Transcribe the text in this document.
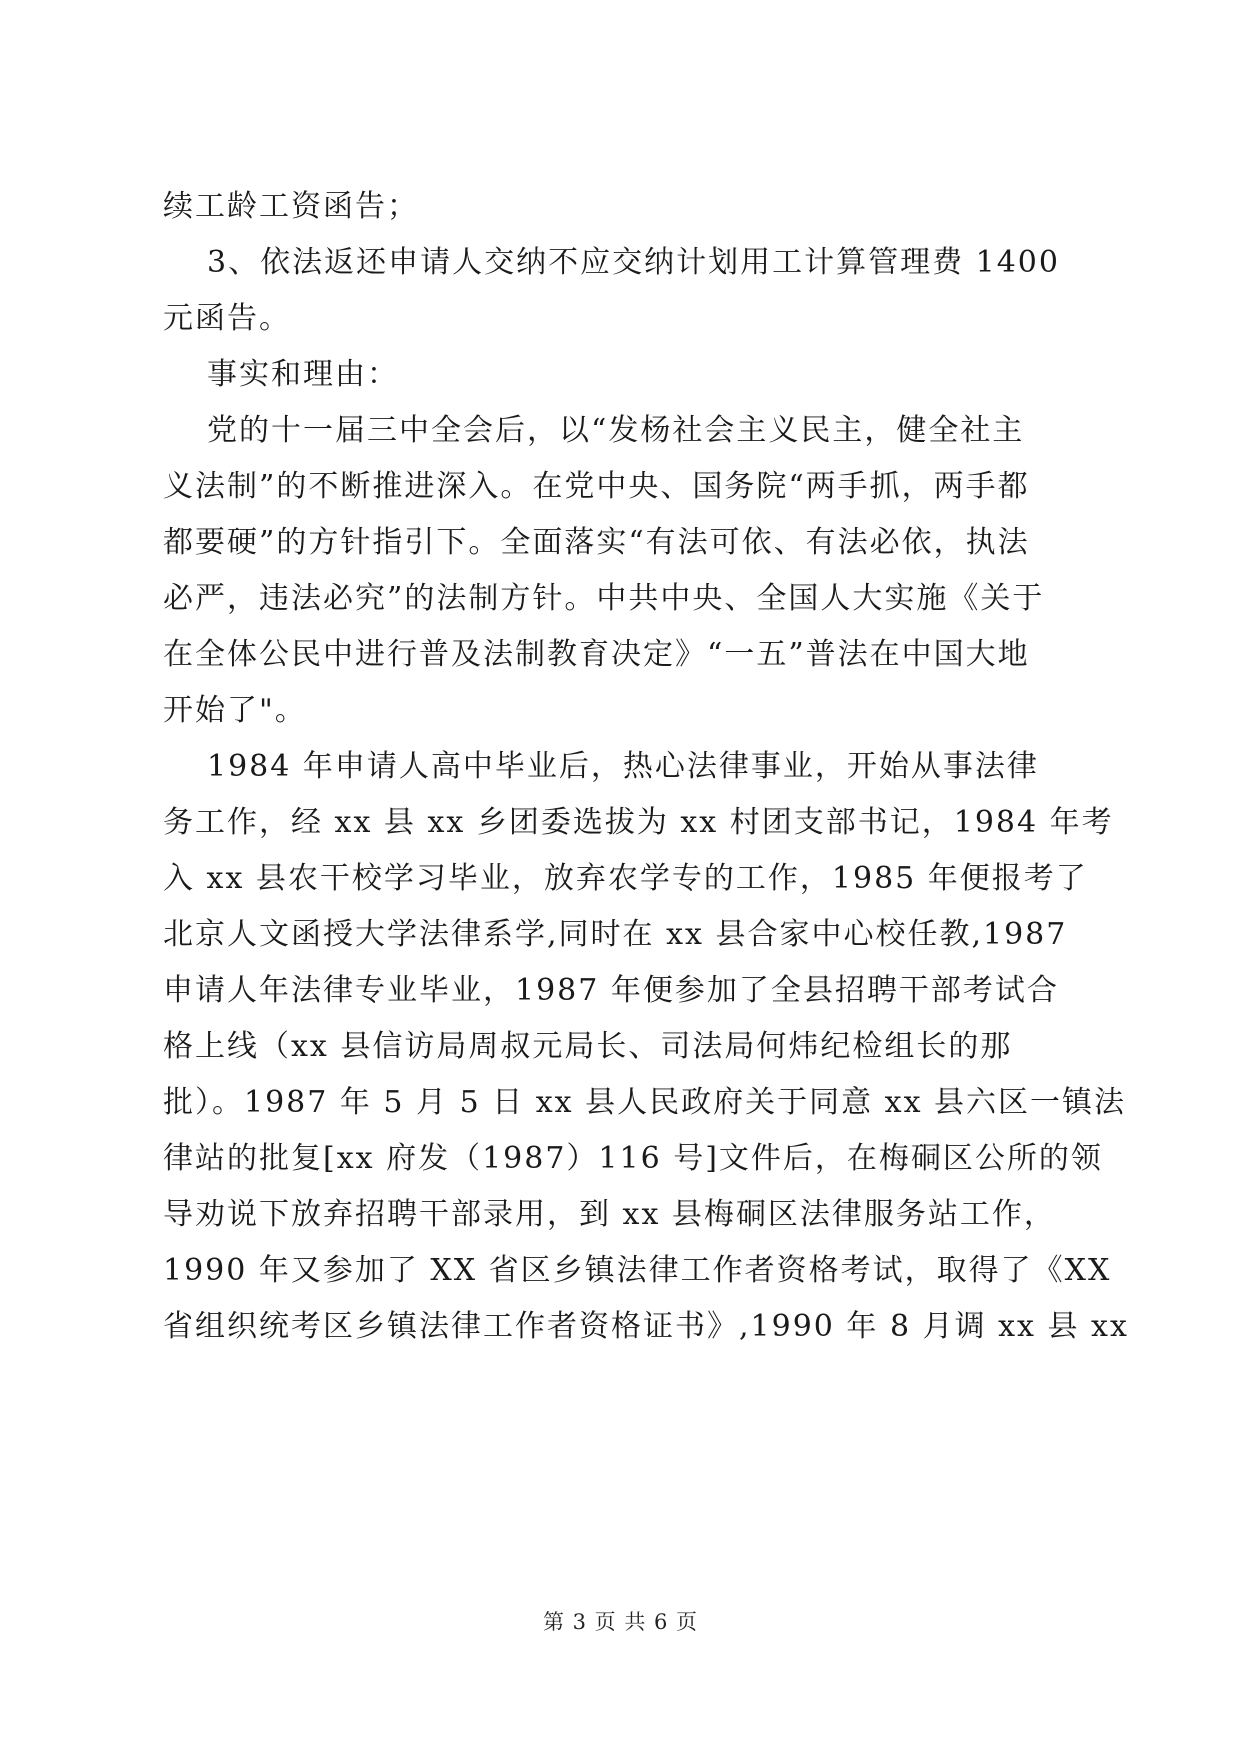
续工龄工资函告；
3、依法返还申请人交纳不应交纳计划用工计算管理费 1400
元函告。
事实和理由：
党的十一届三中全会后，以“发杨社会主义民主，健全社主
义法制”的不断推进深入。在党中央、国务院“两手抓，两手都
都要硬”的方针指引下。全面落实“有法可依、有法必依，执法
必严，违法必究”的法制方针。中共中央、全国人大实施《关于
在全体公民中进行普及法制教育决定》“一五”普法在中国大地
开始了"。
1984 年申请人高中毕业后，热心法律事业，开始从事法律
务工作，经 xx 县 xx 乡团委选拔为 xx 村团支部书记，1984 年考
入 xx 县农干校学习毕业，放弃农学专的工作，1985 年便报考了
北京人文函授大学法律系学,同时在 xx 县合家中心校任教,1987
申请人年法律专业毕业，1987 年便参加了全县招聘干部考试合
格上线（xx 县信访局周叔元局长、司法局何炜纪检组长的那
批）。1987 年 5 月 5 日 xx 县人民政府关于同意 xx 县六区一镇法
律站的批复[xx 府发（1987）116 号]文件后，在梅硐区公所的领
导劝说下放弃招聘干部录用，到 xx 县梅硐区法律服务站工作，
1990 年又参加了 XX 省区乡镇法律工作者资格考试，取得了《XX
省组织统考区乡镇法律工作者资格证书》,1990 年 8 月调 xx 县 xx
第 3 页 共 6 页
